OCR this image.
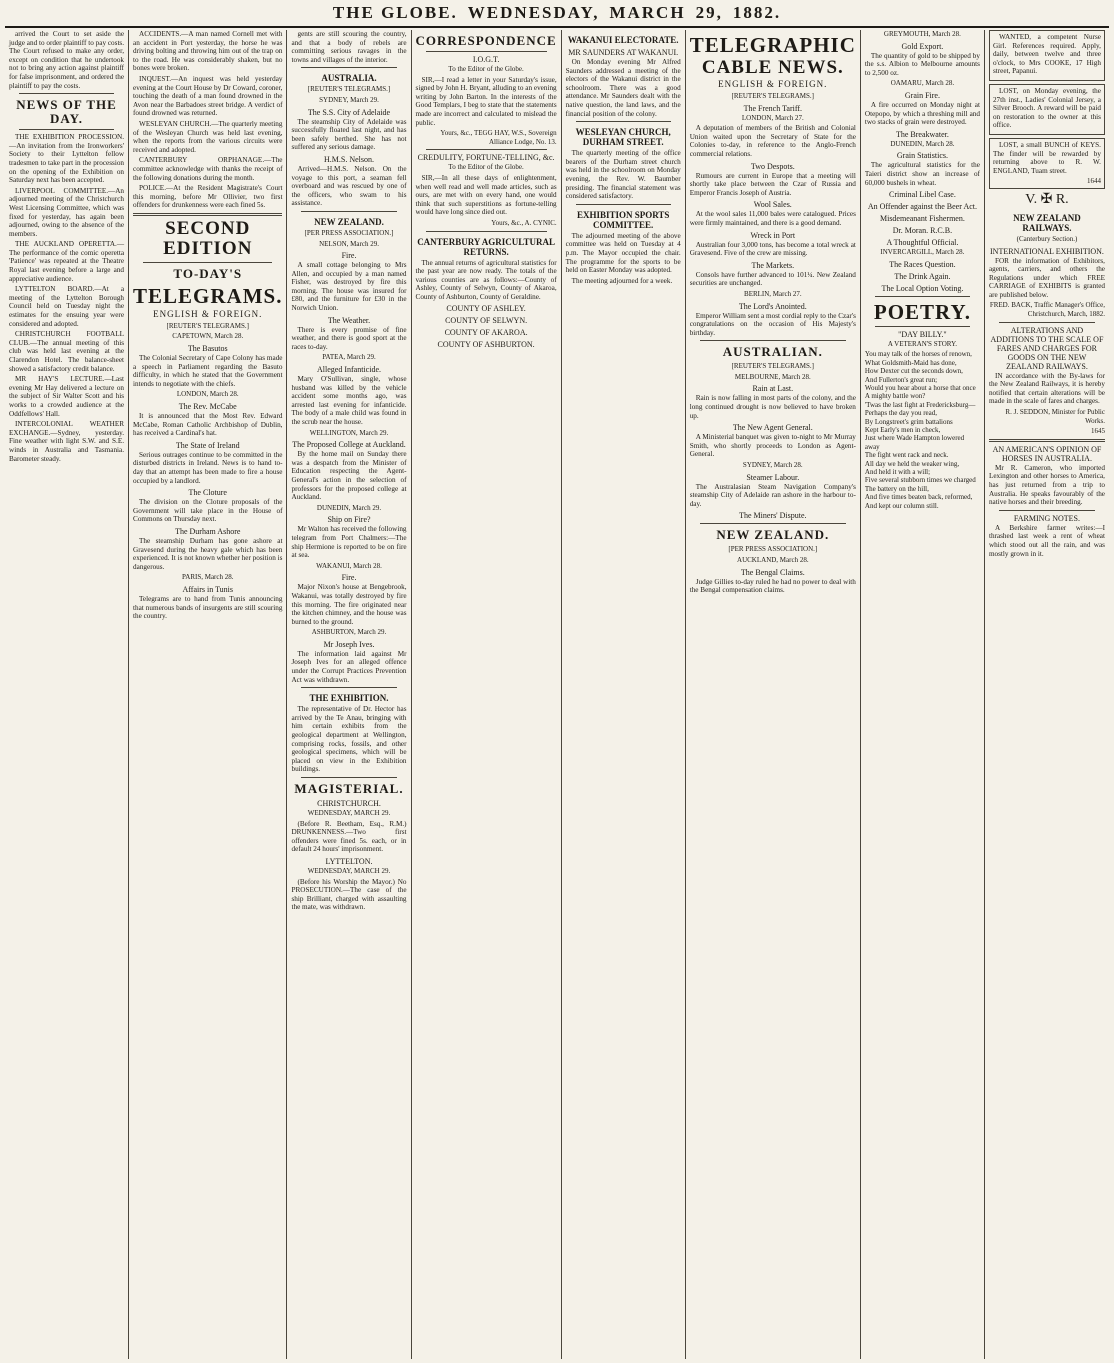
THE GLOBE. WEDNESDAY, MARCH 29, 1882.

arrived the Court to set aside the judge and to order plaintiff to pay costs. The Court refused to make any order, except on condition that he undertook not to bring any action against plaintiff for false imprisonment, and ordered the plaintiff to pay the costs.

NEWS OF THE DAY.

THE EXHIBITION PROCESSION.—An invitation from the Ironworkers' Society to their Lyttelton fellow tradesmen to take part in the procession on the opening of the Exhibition on Saturday next has been accepted.

LIVERPOOL COMMITTEE.—An adjourned meeting of the Christchurch West Licensing Committee, which was fixed for yesterday, has again been adjourned, owing to the absence of the members.

THE AUCKLAND OPERETTA.—The performance of the comic operetta 'Patience' was repeated at the Theatre Royal last evening before a large and appreciative audience.

LYTTELTON BOARD.—At a meeting of the Lyttelton Borough Council held on Tuesday night the estimates for the ensuing year were considered and adopted.

CHRISTCHURCH FOOTBALL CLUB.—The annual meeting of this club was held last evening at the Clarendon Hotel. The balance-sheet showed a satisfactory credit balance.

MR HAY'S LECTURE.—Last evening Mr Hay delivered a lecture on the subject of Sir Walter Scott and his works to a crowded audience at the Oddfellows' Hall.

INTERCOLONIAL WEATHER EXCHANGE.—Sydney, yesterday. Fine weather with light S.W. and S.E. winds in Australia and Tasmania. Barometer steady.

ACCIDENTS.—A man named Cornell met with an accident in Port yesterday, the horse he was driving bolting and throwing him out of the trap on to the road. He was considerably shaken, but no bones were broken.

INQUEST.—An inquest was held yesterday evening at the Court House by Dr Coward, coroner, touching the death of a man found drowned in the Avon near the Barbadoes street bridge. A verdict of found drowned was returned.

WESLEYAN CHURCH.—The quarterly meeting of the Wesleyan Church was held last evening, when the reports from the various circuits were received and adopted.

CANTERBURY ORPHANAGE.—The committee acknowledge with thanks the receipt of the following donations during the month.

POLICE.—At the Resident Magistrate's Court this morning, before Mr Ollivier, two first offenders for drunkenness were each fined 5s.

SECOND EDITION
TO-DAY'S
TELEGRAMS.
ENGLISH & FOREIGN.
[REUTER'S TELEGRAMS.]
CAPETOWN, March 28.
The Basutos

The Colonial Secretary of Cape Colony has made a speech in Parliament regarding the Basuto difficulty, in which he stated that the Government intends to negotiate with the chiefs.

LONDON, March 28.
The Rev. McCabe

It is announced that the Most Rev. Edward McCabe, Roman Catholic Archbishop of Dublin, has received a Cardinal's hat.

The State of Ireland

Serious outrages continue to be committed in the disturbed districts in Ireland. News is to hand to-day that an attempt has been made to fire a house occupied by a landlord.

The Cloture

The division on the Cloture proposals of the Government will take place in the House of Commons on Thursday next.

The Durham Ashore

The steamship Durham has gone ashore at Gravesend during the heavy gale which has been experienced. It is not known whether her position is dangerous.

PARIS, March 28.
Affairs in Tunis

Telegrams are to hand from Tunis announcing that numerous bands of insurgents are still scouring the country.

gents are still scouring the country, and that a body of rebels are committing serious ravages in the towns and villages of the interior.

AUSTRALIA.
[REUTER'S TELEGRAMS.]
SYDNEY, March 29.
The S.S. City of Adelaide

The steamship City of Adelaide was successfully floated last night, and has been safely berthed. She has not suffered any serious damage.

H.M.S. Nelson.

Arrived—H.M.S. Nelson. On the voyage to this port, a seaman fell overboard and was rescued by one of the officers, who swam to his assistance.

NEW ZEALAND.
[PER PRESS ASSOCIATION.]
NELSON, March 29.
Fire.

A small cottage belonging to Mrs Allen, and occupied by a man named Fisher, was destroyed by fire this morning. The house was insured for £80, and the furniture for £30 in the Norwich Union.

The Weather.

There is every promise of fine weather, and there is good sport at the races to-day.

PATEA, March 29.
Alleged Infanticide.

Mary O'Sullivan, single, whose husband was killed by the vehicle accident some months ago, was arrested last evening for infanticide. The body of a male child was found in the scrub near the house.

WELLINGTON, March 29.
The Proposed College at Auckland.

By the home mail on Sunday there was a despatch from the Minister of Education respecting the Agent-General's action in the selection of professors for the proposed college at Auckland.

DUNEDIN, March 29.
Ship on Fire?

Mr Walton has received the following telegram from Port Chalmers:—The ship Hermione is reported to be on fire at sea.

WAKANUI, March 28.
Fire.

Major Nixon's house at Bengebrook, Wakanui, was totally destroyed by fire this morning. The fire originated near the kitchen chimney, and the house was burned to the ground.

ASHBURTON, March 29.
Mr Joseph Ives.

The information laid against Mr Joseph Ives for an alleged offence under the Corrupt Practices Prevention Act was withdrawn.

THE EXHIBITION.

The representative of Dr. Hector has arrived by the Te Anau, bringing with him certain exhibits from the geological department at Wellington, comprising rocks, fossils, and other geological specimens, which will be placed on view in the Exhibition buildings.

MAGISTERIAL.
CHRISTCHURCH.
WEDNESDAY, MARCH 29.

(Before R. Beetham, Esq., R.M.) DRUNKENNESS.—Two first offenders were fined 5s. each, or in default 24 hours' imprisonment.

LYTTELTON.
WEDNESDAY, MARCH 29.

(Before his Worship the Mayor.) No PROSECUTION.—The case of the ship Brilliant, charged with assaulting the mate, was withdrawn.

CORRESPONDENCE
I.O.G.T.
To the Editor of the Globe.

SIR,—I read a letter in your Saturday's issue, signed by John H. Bryant, alluding to an evening writing by John Barton. In the interests of the Good Templars, I beg to state that the statements made are incorrect and calculated to mislead the public.

Yours, &c., TEGG HAY, W.S., Sovereign Alliance Lodge, No. 13.
CREDULITY, FORTUNE-TELLING, &c.
To the Editor of the Globe.

SIR,—In all these days of enlightenment, when well read and well made articles, such as ours, are met with on every hand, one would think that such superstitions as fortune-telling would have long since died out.

Yours, &c., A. CYNIC.
CANTERBURY AGRICULTURAL RETURNS.

The annual returns of agricultural statistics for the past year are now ready. The totals of the various counties are as follows:—County of Ashley, County of Selwyn, County of Akaroa, County of Ashburton, County of Geraldine.

COUNTY OF ASHLEY.
COUNTY OF SELWYN.
COUNTY OF AKAROA.
COUNTY OF ASHBURTON.
WAKANUI ELECTORATE.
MR SAUNDERS AT WAKANUI.

On Monday evening Mr Alfred Saunders addressed a meeting of the electors of the Wakanui district in the schoolroom. There was a good attendance. Mr Saunders dealt with the native question, the land laws, and the financial position of the colony.

WESLEYAN CHURCH, DURHAM STREET.

The quarterly meeting of the office bearers of the Durham street church was held in the schoolroom on Monday evening, the Rev. W. Baumber presiding. The financial statement was considered satisfactory.

EXHIBITION SPORTS COMMITTEE.

The adjourned meeting of the above committee was held on Tuesday at 4 p.m. The Mayor occupied the chair. The programme for the sports to be held on Easter Monday was adopted.

The meeting adjourned for a week.

TELEGRAPHIC
CABLE NEWS.
ENGLISH & FOREIGN.
[REUTER'S TELEGRAMS.]
The French Tariff.
LONDON, March 27.

A deputation of members of the British and Colonial Union waited upon the Secretary of State for the Colonies to-day, in reference to the Anglo-French commercial relations.

Two Despots.

Rumours are current in Europe that a meeting will shortly take place between the Czar of Russia and Emperor Francis Joseph of Austria.

Wool Sales.

At the wool sales 11,000 bales were catalogued. Prices were firmly maintained, and there is a good demand.

Wreck in Port

Australian four 3,000 tons, has become a total wreck at Gravesend. Five of the crew are missing.

The Markets.

Consols have further advanced to 101¼. New Zealand securities are unchanged.

BERLIN, March 27.
The Lord's Anointed.

Emperor William sent a most cordial reply to the Czar's congratulations on the occasion of His Majesty's birthday.

AUSTRALIAN.
[REUTER'S TELEGRAMS.]
MELBOURNE, March 28.
Rain at Last.

Rain is now falling in most parts of the colony, and the long continued drought is now believed to have broken up.

The New Agent General.

A Ministerial banquet was given to-night to Mr Murray Smith, who shortly proceeds to London as Agent-General.

SYDNEY, March 28.
Steamer Labour.

The Australasian Steam Navigation Company's steamship City of Adelaide ran ashore in the harbour to-day.

The Miners' Dispute.
NEW ZEALAND.
[PER PRESS ASSOCIATION.]
AUCKLAND, March 28.
The Bengal Claims.

Judge Gillies to-day ruled he had no power to deal with the Bengal compensation claims.

GREYMOUTH, March 28.
Gold Export.

The quantity of gold to be shipped by the s.s. Albion to Melbourne amounts to 2,500 oz.

OAMARU, March 28.
Grain Fire.

A fire occurred on Monday night at Otepopo, by which a threshing mill and two stacks of grain were destroyed.

The Breakwater.
DUNEDIN, March 28.
Grain Statistics.

The agricultural statistics for the Taieri district show an increase of 60,000 bushels in wheat.

Criminal Libel Case.
An Offender against the Beer Act.
Misdemeanant Fishermen.
Dr. Moran. R.C.B.
A Thoughtful Official.
INVERCARGILL, March 28.
The Races Question.
The Drink Again.
The Local Option Voting.
POETRY.
"DAY BILLY."
A VETERAN'S STORY.

You may talk of the horses of renown,

What Goldsmith-Maid has done,

How Dexter cut the seconds down,

And Fullerton's great run;

Would you hear about a horse that once

A mighty battle won?

'Twas the last fight at Fredericksburg—

Perhaps the day you read,

By Longstreet's grim battalions

Kept Early's men in check,

Just where Wade Hampton lowered away

The fight went rack and neck.

All day we held the weaker wing,

And held it with a will;

Five several stubborn times we charged

The battery on the hill,

And five times beaten back, reformed,

And kept our column still.

WANTED, a competent Nurse Girl. References required. Apply, daily, between twelve and three o'clock, to Mrs COOKE, 17 High street, Papanui.

LOST, on Monday evening, the 27th inst., Ladies' Colonial Jersey, a Silver Brooch. A reward will be paid on restoration to the owner at this office.

LOST, a small BUNCH of KEYS. The finder will be rewarded by returning above to R. W. ENGLAND, Tuam street.

1644
V. ✠ R.
NEW ZEALAND RAILWAYS.
(Canterbury Section.)
INTERNATIONAL EXHIBITION.

FOR the information of Exhibitors, agents, carriers, and others the Regulations under which FREE CARRIAGE of EXHIBITS is granted are published below.

FRED. BACK, Traffic Manager's Office, Christchurch, March, 1882.
ALTERATIONS AND ADDITIONS TO THE SCALE OF FARES AND CHARGES FOR GOODS ON THE NEW ZEALAND RAILWAYS.

IN accordance with the By-laws for the New Zealand Railways, it is hereby notified that certain alterations will be made in the scale of fares and charges.

R. J. SEDDON, Minister for Public Works.
1645
AN AMERICAN'S OPINION OF HORSES IN AUSTRALIA.

Mr R. Cameron, who imported Lexington and other horses to America, has just returned from a trip to Australia. He speaks favourably of the native horses and their breeding.

FARMING NOTES.

A Berkshire farmer writes:—I thrashed last week a rent of wheat which stood out all the rain, and was mostly grown in it.
